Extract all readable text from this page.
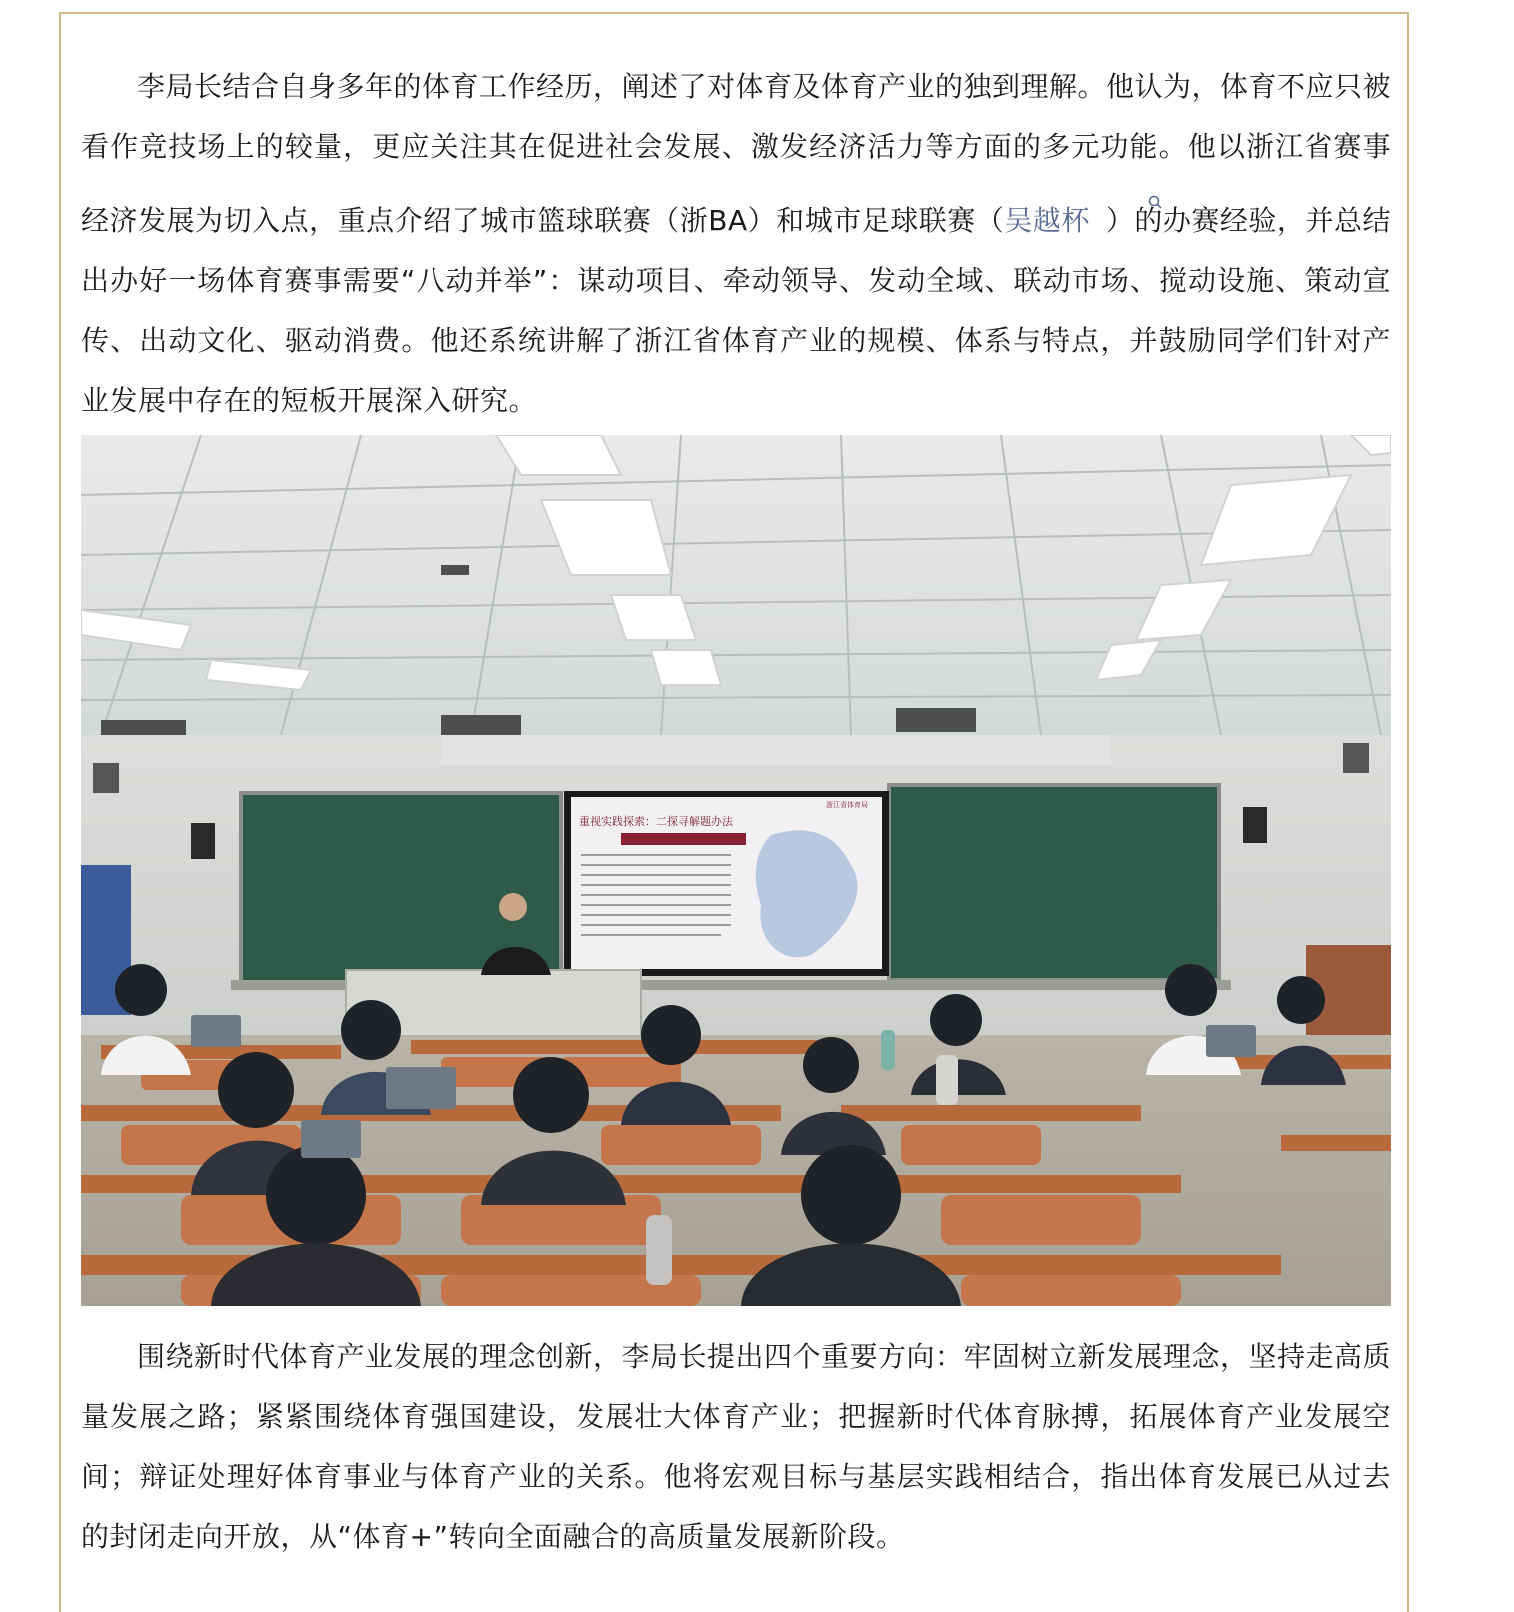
李局长结合自身多年的体育工作经历，阐述了对体育及体育产业的独到理解。他认为，体育不应只被看作竞技场上的较量，更应关注其在促进社会发展、激发经济活力等方面的多元功能。他以浙江省赛事经济发展为切入点，重点介绍了城市篮球联赛（浙BA）和城市足球联赛（吴越杯 ）的办赛经验，并总结出办好一场体育赛事需要“八动并举”：谋动项目、牵动领导、发动全域、联动市场、搅动设施、策动宣传、出动文化、驱动消费。他还系统讲解了浙江省体育产业的规模、体系与特点，并鼓励同学们针对产业发展中存在的短板开展深入研究。

重视实践探索：二探寻解题办法
浙江省体育局

围绕新时代体育产业发展的理念创新，李局长提出四个重要方向：牢固树立新发展理念，坚持走高质量发展之路；紧紧围绕体育强国建设，发展壮大体育产业；把握新时代体育脉搏，拓展体育产业发展空间；辩证处理好体育事业与体育产业的关系。他将宏观目标与基层实践相结合，指出体育发展已从过去的封闭走向开放，从“体育+”转向全面融合的高质量发展新阶段。
